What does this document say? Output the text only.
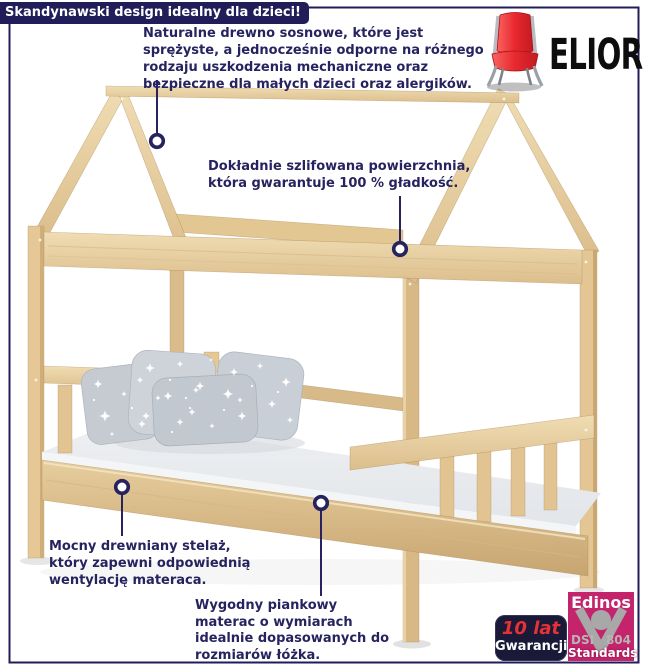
Skandynawski design idealny dla dzieci!
ELIOR
Naturalne drewno sosnowe, które jest
sprężyste, a jednocześnie odporne na różnego
rodzaju uszkodzenia mechaniczne oraz
bezpieczne dla małych dzieci oraz alergików.
Dokładnie szlifowana powierzchnia,
która gwarantuje 100 % gładkość.
Mocny drewniany stelaż,
który zapewni odpowiednią
wentylację materaca.
Wygodny piankowy
materac o wymiarach
idealnie dopasowanych do
rozmiarów łóżka.
10 lat
Gwarancji
Edinos
DSI 804
Standards
